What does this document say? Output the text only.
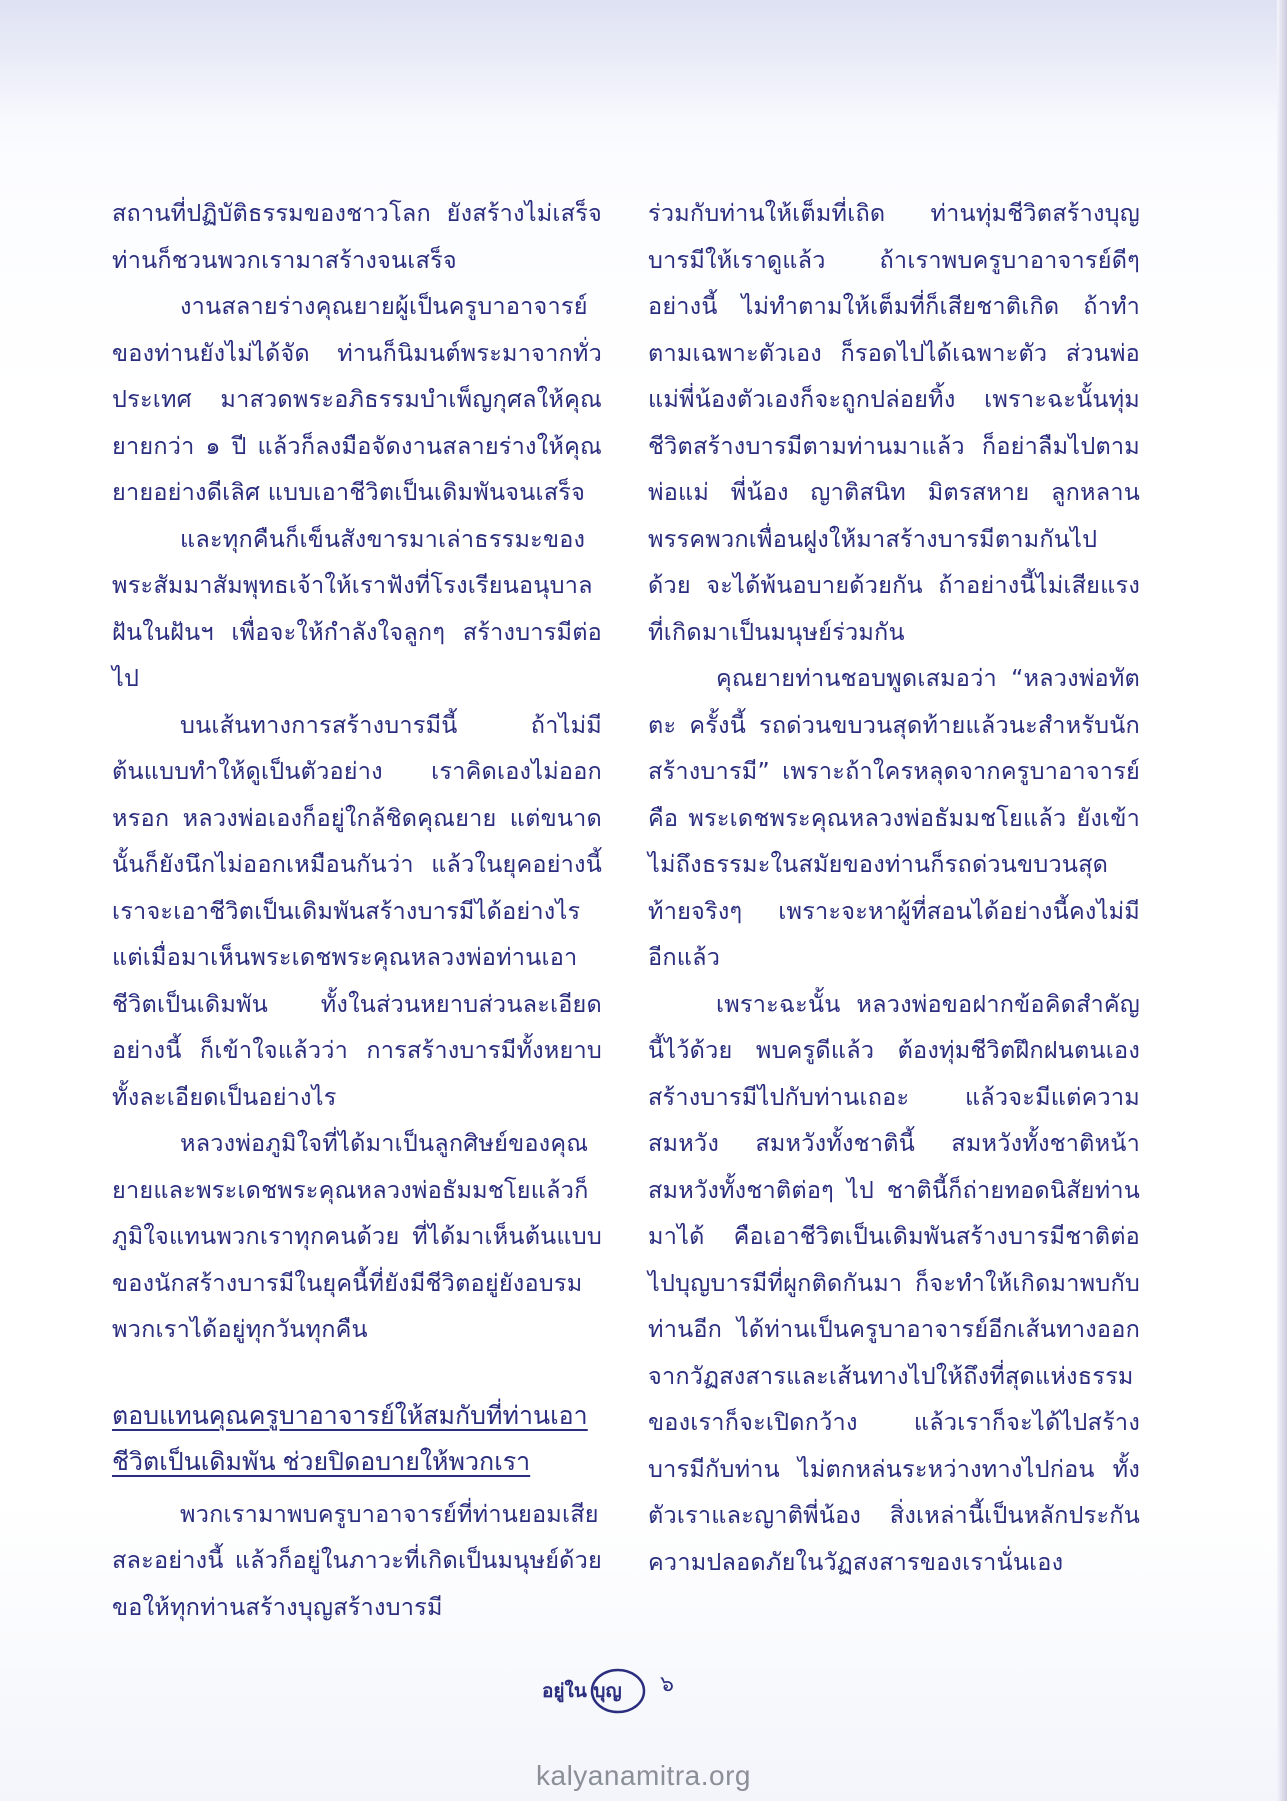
สถานที่ปฏิบัติธรรมของชาวโลก ยังสร้างไม่เสร็จ ท่านก็ชวนพวกเรามาสร้างจนเสร็จ

งานสลายร่างคุณยายผู้เป็นครูบาอาจารย์ของท่านยังไม่ได้จัด ท่านก็นิมนต์พระมาจากทั่วประเทศ มาสวดพระอภิธรรมบำเพ็ญกุศลให้คุณยายกว่า ๑ ปี แล้วก็ลงมือจัดงานสลายร่างให้คุณยายอย่างดีเลิศ แบบเอาชีวิตเป็นเดิมพันจนเสร็จ

และทุกคืนก็เข็นสังขารมาเล่าธรรมะของพระสัมมาสัมพุทธเจ้าให้เราฟังที่โรงเรียนอนุบาลฝันในฝันฯ เพื่อจะให้กำลังใจลูกๆ สร้างบารมีต่อไป

บนเส้นทางการสร้างบารมีนี้ ถ้าไม่มีต้นแบบทำให้ดูเป็นตัวอย่าง เราคิดเองไม่ออกหรอก หลวงพ่อเองก็อยู่ใกล้ชิดคุณยาย แต่ขนาดนั้นก็ยังนึกไม่ออกเหมือนกันว่า แล้วในยุคอย่างนี้ เราจะเอาชีวิตเป็นเดิมพันสร้างบารมีได้อย่างไร แต่เมื่อมาเห็นพระเดชพระคุณหลวงพ่อท่านเอาชีวิตเป็นเดิมพัน ทั้งในส่วนหยาบส่วนละเอียดอย่างนี้ ก็เข้าใจแล้วว่า การสร้างบารมีทั้งหยาบทั้งละเอียดเป็นอย่างไร

หลวงพ่อภูมิใจที่ได้มาเป็นลูกศิษย์ของคุณยายและพระเดชพระคุณหลวงพ่อธัมมชโยแล้วก็ภูมิใจแทนพวกเราทุกคนด้วย ที่ได้มาเห็นต้นแบบของนักสร้างบารมีในยุคนี้ที่ยังมีชีวิตอยู่ยังอบรมพวกเราได้อยู่ทุกวันทุกคืน

ตอบแทนคุณครูบาอาจารย์ให้สมกับที่ท่านเอาชีวิตเป็นเดิมพัน ช่วยปิดอบายให้พวกเรา

พวกเรามาพบครูบาอาจารย์ที่ท่านยอมเสียสละอย่างนี้ แล้วก็อยู่ในภาวะที่เกิดเป็นมนุษย์ด้วย ขอให้ทุกท่านสร้างบุญสร้างบารมี

ร่วมกับท่านให้เต็มที่เถิด ท่านทุ่มชีวิตสร้างบุญบารมีให้เราดูแล้ว ถ้าเราพบครูบาอาจารย์ดีๆ อย่างนี้ ไม่ทำตามให้เต็มที่ก็เสียชาติเกิด ถ้าทำตามเฉพาะตัวเอง ก็รอดไปได้เฉพาะตัว ส่วนพ่อแม่พี่น้องตัวเองก็จะถูกปล่อยทิ้ง เพราะฉะนั้นทุ่มชีวิตสร้างบารมีตามท่านมาแล้ว ก็อย่าลืมไปตามพ่อแม่ พี่น้อง ญาติสนิท มิตรสหาย ลูกหลานพรรคพวกเพื่อนฝูงให้มาสร้างบารมีตามกันไปด้วย จะได้พ้นอบายด้วยกัน ถ้าอย่างนี้ไม่เสียแรงที่เกิดมาเป็นมนุษย์ร่วมกัน

คุณยายท่านชอบพูดเสมอว่า “หลวงพ่อทัตตะ ครั้งนี้ รถด่วนขบวนสุดท้ายแล้วนะสำหรับนักสร้างบารมี” เพราะถ้าใครหลุดจากครูบาอาจารย์ คือ พระเดชพระคุณหลวงพ่อธัมมชโยแล้ว ยังเข้าไม่ถึงธรรมะในสมัยของท่านก็รถด่วนขบวนสุดท้ายจริงๆ เพราะจะหาผู้ที่สอนได้อย่างนี้คงไม่มีอีกแล้ว

เพราะฉะนั้น หลวงพ่อขอฝากข้อคิดสำคัญนี้ไว้ด้วย พบครูดีแล้ว ต้องทุ่มชีวิตฝึกฝนตนเองสร้างบารมีไปกับท่านเถอะ แล้วจะมีแต่ความสมหวัง สมหวังทั้งชาตินี้ สมหวังทั้งชาติหน้าสมหวังทั้งชาติต่อๆ ไป ชาตินี้ก็ถ่ายทอดนิสัยท่านมาได้ คือเอาชีวิตเป็นเดิมพันสร้างบารมีชาติต่อไปบุญบารมีที่ผูกติดกันมา ก็จะทำให้เกิดมาพบกับท่านอีก ได้ท่านเป็นครูบาอาจารย์อีกเส้นทางออกจากวัฏสงสารและเส้นทางไปให้ถึงที่สุดแห่งธรรมของเราก็จะเปิดกว้าง แล้วเราก็จะได้ไปสร้างบารมีกับท่าน ไม่ตกหล่นระหว่างทางไปก่อน ทั้งตัวเราและญาติพี่น้อง สิ่งเหล่านี้เป็นหลักประกันความปลอดภัยในวัฏสงสารของเรานั่นเอง

อยู่ใน บุญ ๖
kalyanamitra.org
